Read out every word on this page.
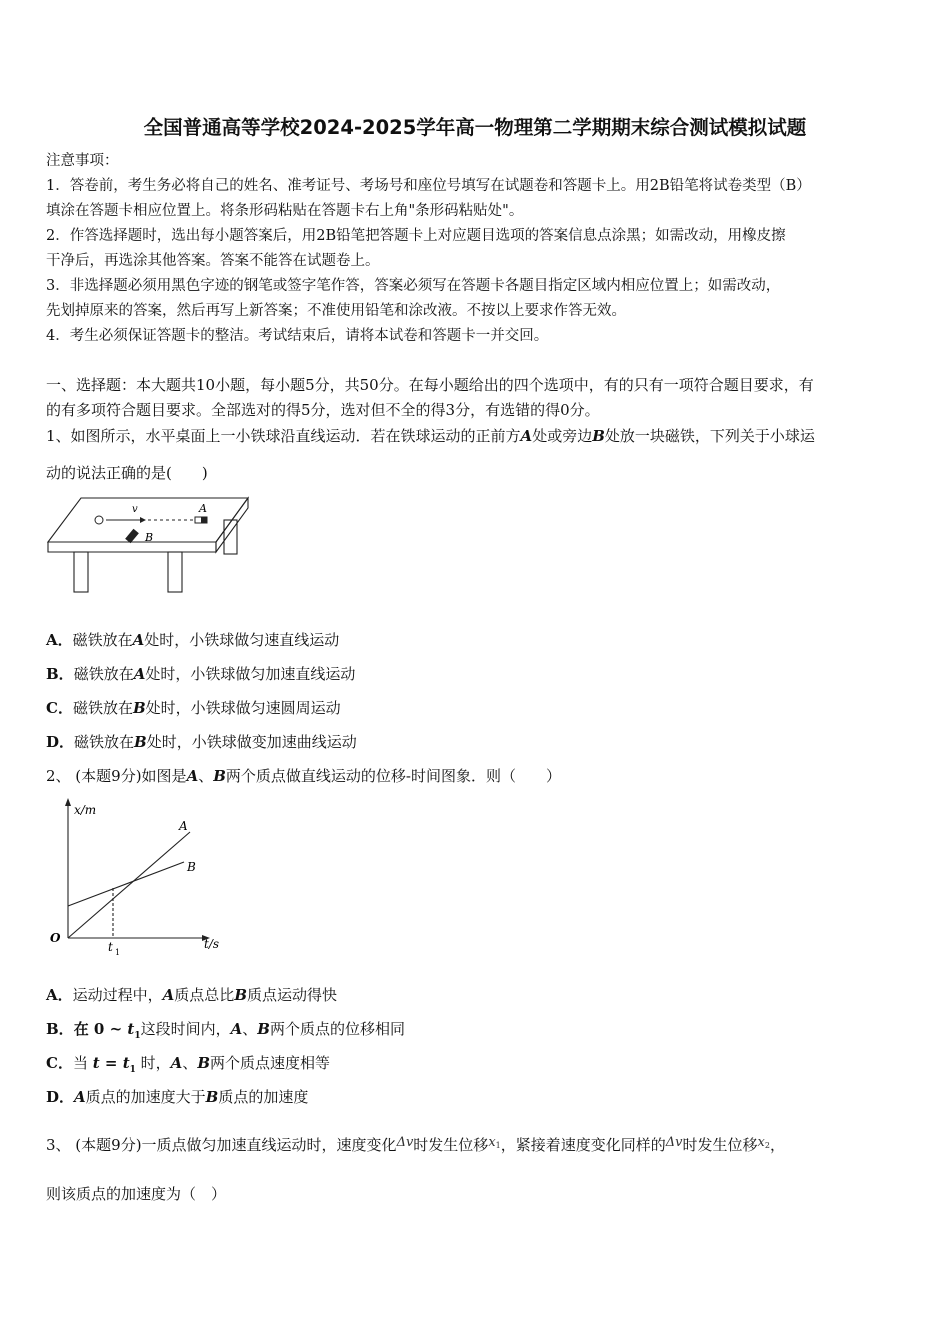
全国普通高等学校2024-2025学年高一物理第二学期期末综合测试模拟试题
注意事项：
1．答卷前，考生务必将自己的姓名、准考证号、考场号和座位号填写在试题卷和答题卡上。用2B铅笔将试卷类型（B）
填涂在答题卡相应位置上。将条形码粘贴在答题卡右上角"条形码粘贴处"。
2．作答选择题时，选出每小题答案后，用2B铅笔把答题卡上对应题目选项的答案信息点涂黑；如需改动，用橡皮擦
干净后，再选涂其他答案。答案不能答在试题卷上。
3．非选择题必须用黑色字迹的钢笔或签字笔作答，答案必须写在答题卡各题目指定区域内相应位置上；如需改动，
先划掉原来的答案，然后再写上新答案；不准使用铅笔和涂改液。不按以上要求作答无效。
4．考生必须保证答题卡的整洁。考试结束后，请将本试卷和答题卡一并交回。
一、选择题：本大题共10小题，每小题5分，共50分。在每小题给出的四个选项中，有的只有一项符合题目要求，有
的有多项符合题目要求。全部选对的得5分，选对但不全的得3分，有选错的得0分。
1、如图所示，水平桌面上一小铁球沿直线运动．若在铁球运动的正前方A处或旁边B处放一块磁铁，下列关于小球运
动的说法正确的是(　　)
v	A
B
A．磁铁放在A处时，小铁球做匀速直线运动
B．磁铁放在A处时，小铁球做匀加速直线运动
C．磁铁放在B处时，小铁球做匀速圆周运动
D．磁铁放在B处时，小铁球做变加速曲线运动
2、 (本题9分)如图是A、B两个质点做直线运动的位移-时间图象．则（　　）
x/m
t/s
O
t 1
A
B
A．运动过程中，A质点总比B质点运动得快
B．在 0 ~ $t_1$这段时间内，A、B两个质点的位移相同
C．当 $t = t_1$ 时，A、B两个质点速度相等
D．A质点的加速度大于B质点的加速度
3、 (本题9分)一质点做匀加速直线运动时，速度变化Δv时发生位移$x_1$，紧接着速度变化同样的Δv时发生位移$x_2$，
则该质点的加速度为（　）
